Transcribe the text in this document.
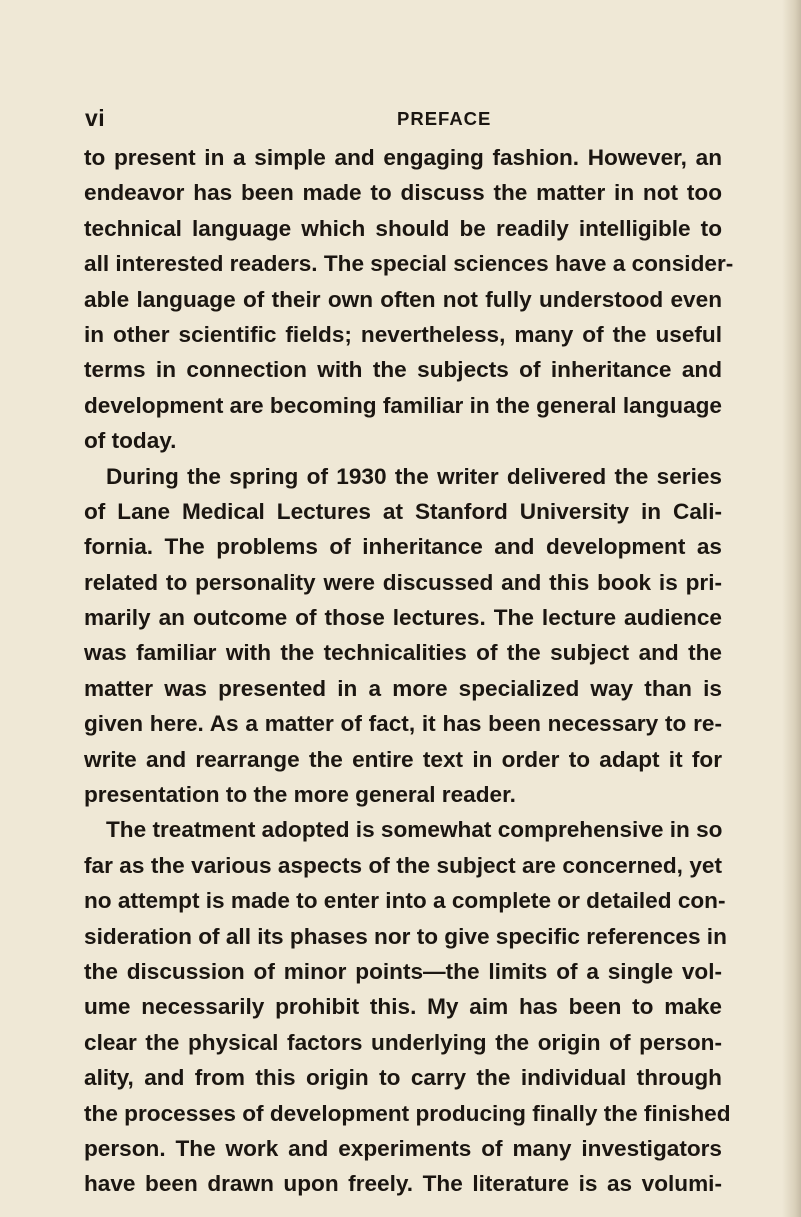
vi	PREFACE
to present in a simple and engaging fashion. However, an
endeavor has been made to discuss the matter in not too
technical language which should be readily intelligible to
all interested readers. The special sciences have a consider-
able language of their own often not fully understood even
in other scientific fields; nevertheless, many of the useful
terms in connection with the subjects of inheritance and
development are becoming familiar in the general language
of today.
During the spring of 1930 the writer delivered the series
of Lane Medical Lectures at Stanford University in Cali-
fornia. The problems of inheritance and development as
related to personality were discussed and this book is pri-
marily an outcome of those lectures. The lecture audience
was familiar with the technicalities of the subject and the
matter was presented in a more specialized way than is
given here. As a matter of fact, it has been necessary to re-
write and rearrange the entire text in order to adapt it for
presentation to the more general reader.
The treatment adopted is somewhat comprehensive in so
far as the various aspects of the subject are concerned, yet
no attempt is made to enter into a complete or detailed con-
sideration of all its phases nor to give specific references in
the discussion of minor points—the limits of a single vol-
ume necessarily prohibit this. My aim has been to make
clear the physical factors underlying the origin of person-
ality, and from this origin to carry the individual through
the processes of development producing finally the finished
person. The work and experiments of many investigators
have been drawn upon freely. The literature is as volumi-
